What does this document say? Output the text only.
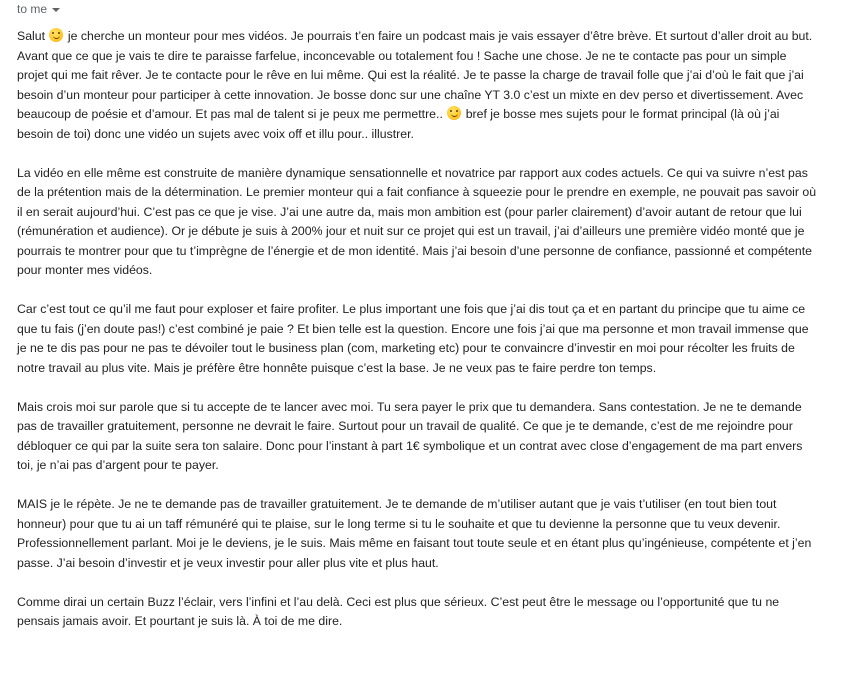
to me

Salut  je cherche un monteur pour mes vidéos. Je pourrais t’en faire un podcast mais je vais essayer d’être brève. Et surtout d’aller droit au but.
Avant que ce que je vais te dire te paraisse farfelue, inconcevable ou totalement fou ! Sache une chose. Je ne te contacte pas pour un simple
projet qui me fait rêver. Je te contacte pour le rêve en lui même. Qui est la réalité. Je te passe la charge de travail folle que j’ai d’où le fait que j’ai
besoin d’un monteur pour participer à cette innovation. Je bosse donc sur une chaîne YT 3.0 c’est un mixte en dev perso et divertissement. Avec
beaucoup de poésie et d’amour. Et pas mal de talent si je peux me permettre..  bref je bosse mes sujets pour le format principal (là où j’ai
besoin de toi) donc une vidéo un sujets avec voix off et illu pour.. illustrer.

La vidéo en elle même est construite de manière dynamique sensationnelle et novatrice par rapport aux codes actuels. Ce qui va suivre n’est pas
de la prétention mais de la détermination. Le premier monteur qui a fait confiance à squeezie pour le prendre en exemple, ne pouvait pas savoir où
il en serait aujourd’hui. C’est pas ce que je vise. J’ai une autre da, mais mon ambition est (pour parler clairement) d’avoir autant de retour que lui
(rémunération et audience). Or je débute je suis à 200% jour et nuit sur ce projet qui est un travail, j’ai d’ailleurs une première vidéo monté que je
pourrais te montrer pour que tu t’imprègne de l’énergie et de mon identité. Mais j’ai besoin d’une personne de confiance, passionné et compétente
pour monter mes vidéos.

Car c’est tout ce qu’il me faut pour exploser et faire profiter. Le plus important une fois que j’ai dis tout ça et en partant du principe que tu aime ce
que tu fais (j’en doute pas!) c’est combiné je paie ? Et bien telle est la question. Encore une fois j’ai que ma personne et mon travail immense que
je ne te dis pas pour ne pas te dévoiler tout le business plan (com, marketing etc) pour te convaincre d’investir en moi pour récolter les fruits de
notre travail au plus vite. Mais je préfère être honnête puisque c’est la base. Je ne veux pas te faire perdre ton temps.

Mais crois moi sur parole que si tu accepte de te lancer avec moi. Tu sera payer le prix que tu demandera. Sans contestation. Je ne te demande
pas de travailler gratuitement, personne ne devrait le faire. Surtout pour un travail de qualité. Ce que je te demande, c’est de me rejoindre pour
débloquer ce qui par la suite sera ton salaire. Donc pour l’instant à part 1€ symbolique et un contrat avec close d’engagement de ma part envers
toi, je n’ai pas d’argent pour te payer.

MAIS je le répète. Je ne te demande pas de travailler gratuitement. Je te demande de m’utiliser autant que je vais t’utiliser (en tout bien tout
honneur) pour que tu ai un taff rémunéré qui te plaise, sur le long terme si tu le souhaite et que tu devienne la personne que tu veux devenir.
Professionnellement parlant. Moi je le deviens, je le suis. Mais même en faisant tout toute seule et en étant plus qu’ingénieuse, compétente et j’en
passe. J’ai besoin d’investir et je veux investir pour aller plus vite et plus haut.

Comme dirai un certain Buzz l’éclair, vers l’infini et l’au delà. Ceci est plus que sérieux. C’est peut être le message ou l’opportunité que tu ne
pensais jamais avoir. Et pourtant je suis là. À toi de me dire.
